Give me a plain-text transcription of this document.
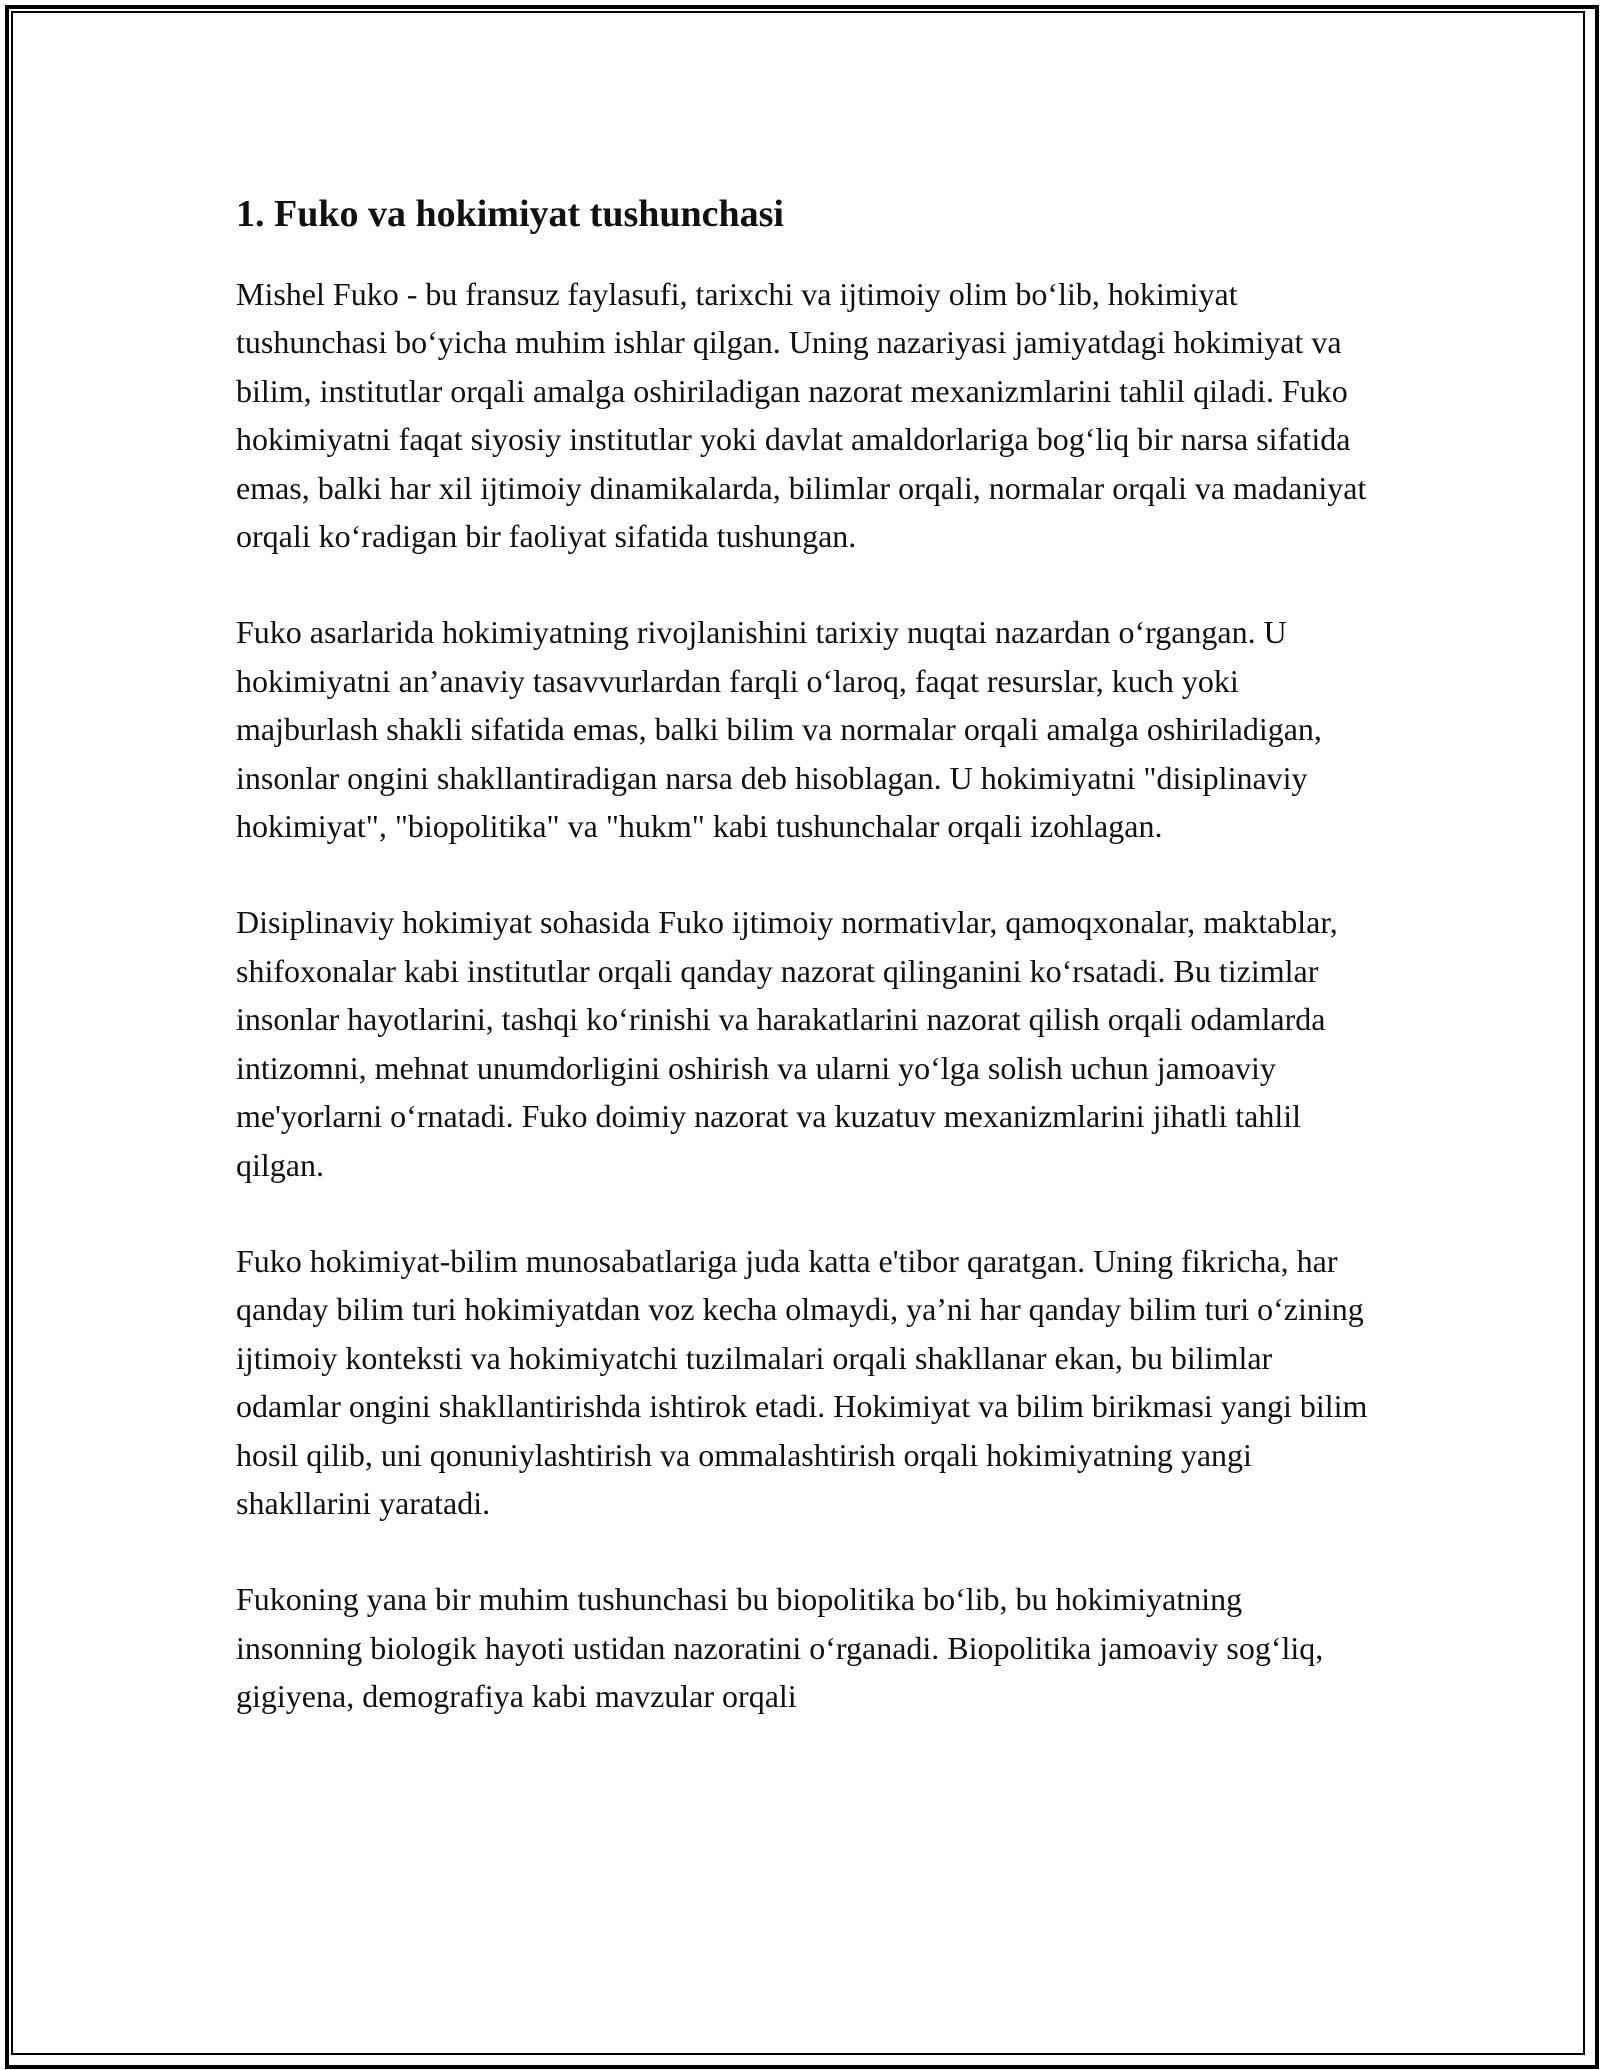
1. Fuko va hokimiyat tushunchasi

Mishel Fuko - bu fransuz faylasufi, tarixchi va ijtimoiy olim bo‘lib, hokimiyat tushunchasi bo‘yicha muhim ishlar qilgan. Uning nazariyasi jamiyatdagi hokimiyat va bilim, institutlar orqali amalga oshiriladigan nazorat mexanizmlarini tahlil qiladi. Fuko hokimiyatni faqat siyosiy institutlar yoki davlat amaldorlariga bog‘liq bir narsa sifatida emas, balki har xil ijtimoiy dinamikalarda, bilimlar orqali, normalar orqali va madaniyat orqali ko‘radigan bir faoliyat sifatida tushungan.

Fuko asarlarida hokimiyatning rivojlanishini tarixiy nuqtai nazardan o‘rgangan. U hokimiyatni an’anaviy tasavvurlardan farqli o‘laroq, faqat resurslar, kuch yoki majburlash shakli sifatida emas, balki bilim va normalar orqali amalga oshiriladigan, insonlar ongini shakllantiradigan narsa deb hisoblagan. U hokimiyatni "disiplinaviy hokimiyat", "biopolitika" va "hukm" kabi tushunchalar orqali izohlagan.

Disiplinaviy hokimiyat sohasida Fuko ijtimoiy normativlar, qamoqxonalar, maktablar, shifoxonalar kabi institutlar orqali qanday nazorat qilinganini ko‘rsatadi. Bu tizimlar insonlar hayotlarini, tashqi ko‘rinishi va harakatlarini nazorat qilish orqali odamlarda intizomni, mehnat unumdorligini oshirish va ularni yo‘lga solish uchun jamoaviy me'yorlarni o‘rnatadi. Fuko doimiy nazorat va kuzatuv mexanizmlarini jihatli tahlil qilgan.

Fuko hokimiyat-bilim munosabatlariga juda katta e'tibor qaratgan. Uning fikricha, har qanday bilim turi hokimiyatdan voz kecha olmaydi, ya’ni har qanday bilim turi o‘zining ijtimoiy konteksti va hokimiyatchi tuzilmalari orqali shakllanar ekan, bu bilimlar odamlar ongini shakllantirishda ishtirok etadi. Hokimiyat va bilim birikmasi yangi bilim hosil qilib, uni qonuniylashtirish va ommalashtirish orqali hokimiyatning yangi shakllarini yaratadi.

Fukoning yana bir muhim tushunchasi bu biopolitika bo‘lib, bu hokimiyatning insonning biologik hayoti ustidan nazoratini o‘rganadi. Biopolitika jamoaviy sog‘liq, gigiyena, demografiya kabi mavzular orqali
